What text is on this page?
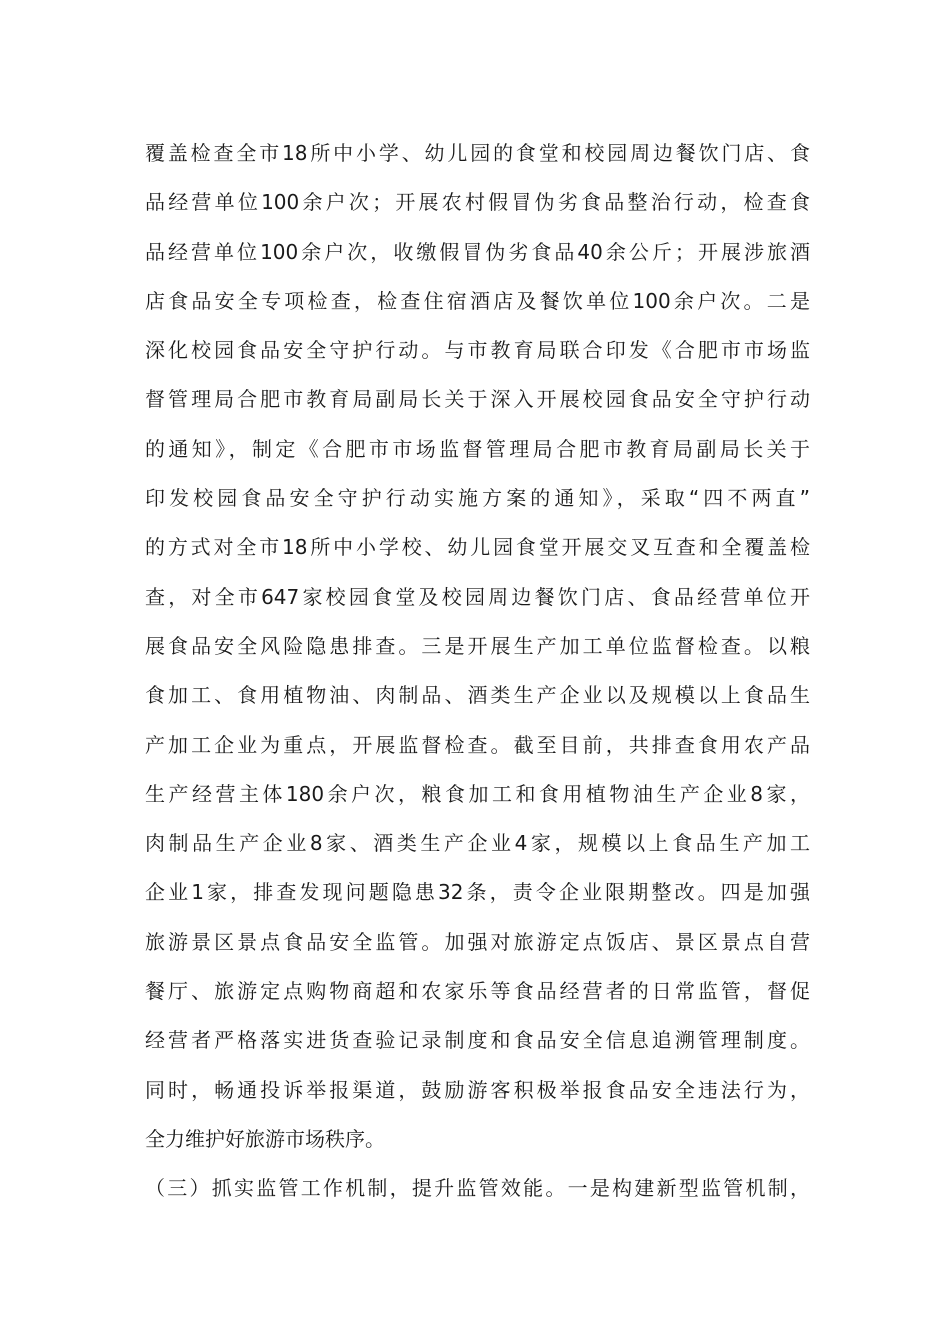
覆盖检查全市18所中小学、幼儿园的食堂和校园周边餐饮门店、食
品经营单位100余户次；开展农村假冒伪劣食品整治行动，检查食
品经营单位100余户次，收缴假冒伪劣食品40余公斤；开展涉旅酒
店食品安全专项检查，检查住宿酒店及餐饮单位100余户次。二是
深化校园食品安全守护行动。与市教育局联合印发《合肥市市场监
督管理局合肥市教育局副局长关于深入开展校园食品安全守护行动
的通知》，制定《合肥市市场监督管理局合肥市教育局副局长关于
印发校园食品安全守护行动实施方案的通知》，采取“四不两直”
的方式对全市18所中小学校、幼儿园食堂开展交叉互查和全覆盖检
查，对全市647家校园食堂及校园周边餐饮门店、食品经营单位开
展食品安全风险隐患排查。三是开展生产加工单位监督检查。以粮
食加工、食用植物油、肉制品、酒类生产企业以及规模以上食品生
产加工企业为重点，开展监督检查。截至目前，共排查食用农产品
生产经营主体180余户次，粮食加工和食用植物油生产企业8家，
肉制品生产企业8家、酒类生产企业4家，规模以上食品生产加工
企业1家，排查发现问题隐患32条，责令企业限期整改。四是加强
旅游景区景点食品安全监管。加强对旅游定点饭店、景区景点自营
餐厅、旅游定点购物商超和农家乐等食品经营者的日常监管，督促
经营者严格落实进货查验记录制度和食品安全信息追溯管理制度。
同时，畅通投诉举报渠道，鼓励游客积极举报食品安全违法行为，
全力维护好旅游市场秩序。
（三）抓实监管工作机制，提升监管效能。一是构建新型监管机制，
